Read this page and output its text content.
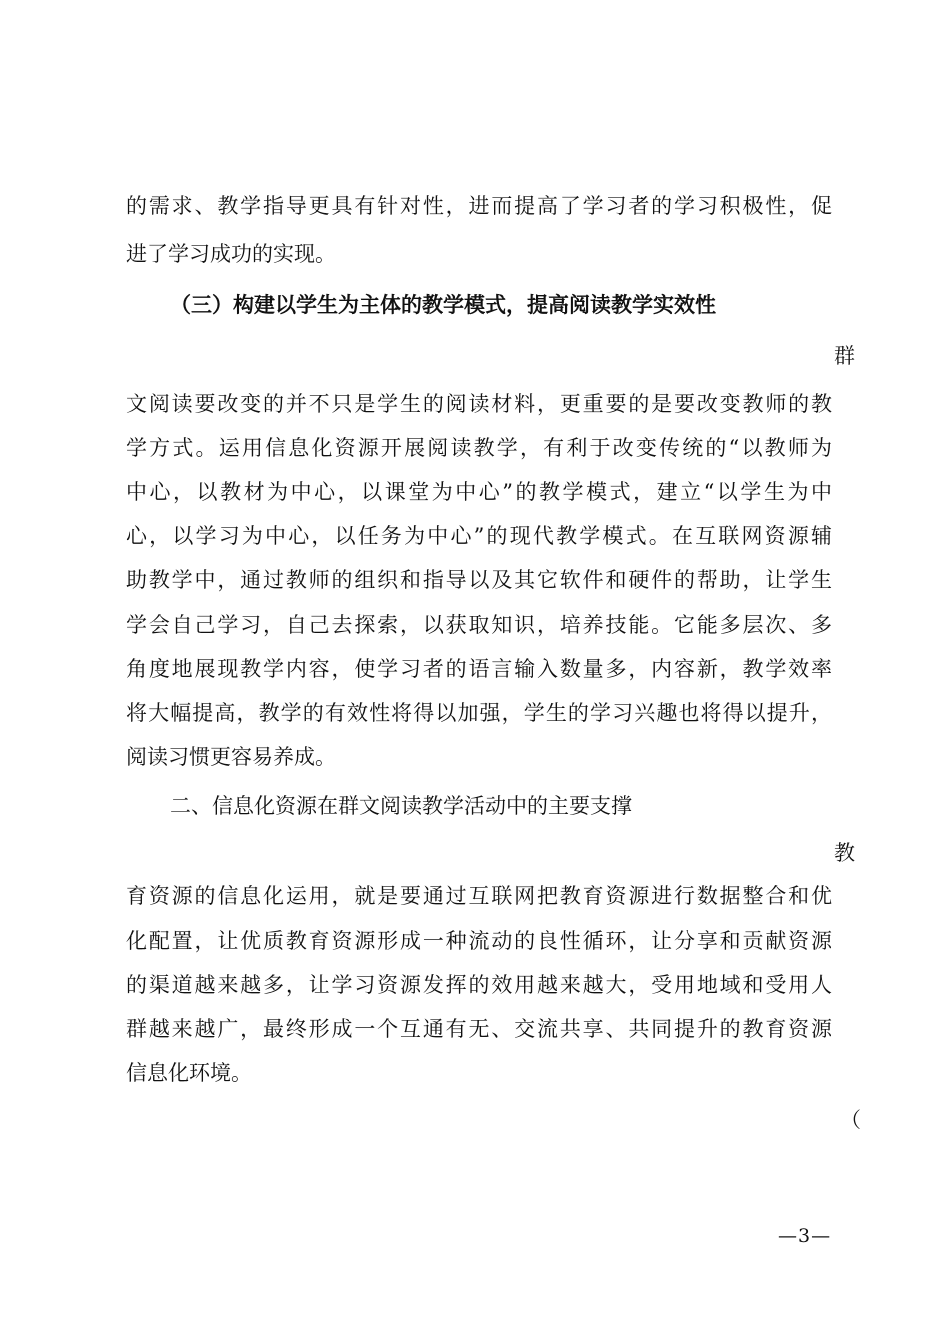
的需求、教学指导更具有针对性，进而提高了学习者的学习积极性，促
进了学习成功的实现。
（三）构建以学生为主体的教学模式，提高阅读教学实效性
群
文阅读要改变的并不只是学生的阅读材料，更重要的是要改变教师的教
学方式。运用信息化资源开展阅读教学，有利于改变传统的“以教师为
中心，以教材为中心，以课堂为中心”的教学模式，建立“以学生为中
心，以学习为中心，以任务为中心”的现代教学模式。在互联网资源辅
助教学中，通过教师的组织和指导以及其它软件和硬件的帮助，让学生
学会自己学习，自己去探索，以获取知识，培养技能。它能多层次、多
角度地展现教学内容，使学习者的语言输入数量多，内容新，教学效率
将大幅提高，教学的有效性将得以加强，学生的学习兴趣也将得以提升，
阅读习惯更容易养成。
二、信息化资源在群文阅读教学活动中的主要支撑
教
育资源的信息化运用，就是要通过互联网把教育资源进行数据整合和优
化配置，让优质教育资源形成一种流动的良性循环，让分享和贡献资源
的渠道越来越多，让学习资源发挥的效用越来越大，受用地域和受用人
群越来越广，最终形成一个互通有无、交流共享、共同提升的教育资源
信息化环境。
（
—3—
